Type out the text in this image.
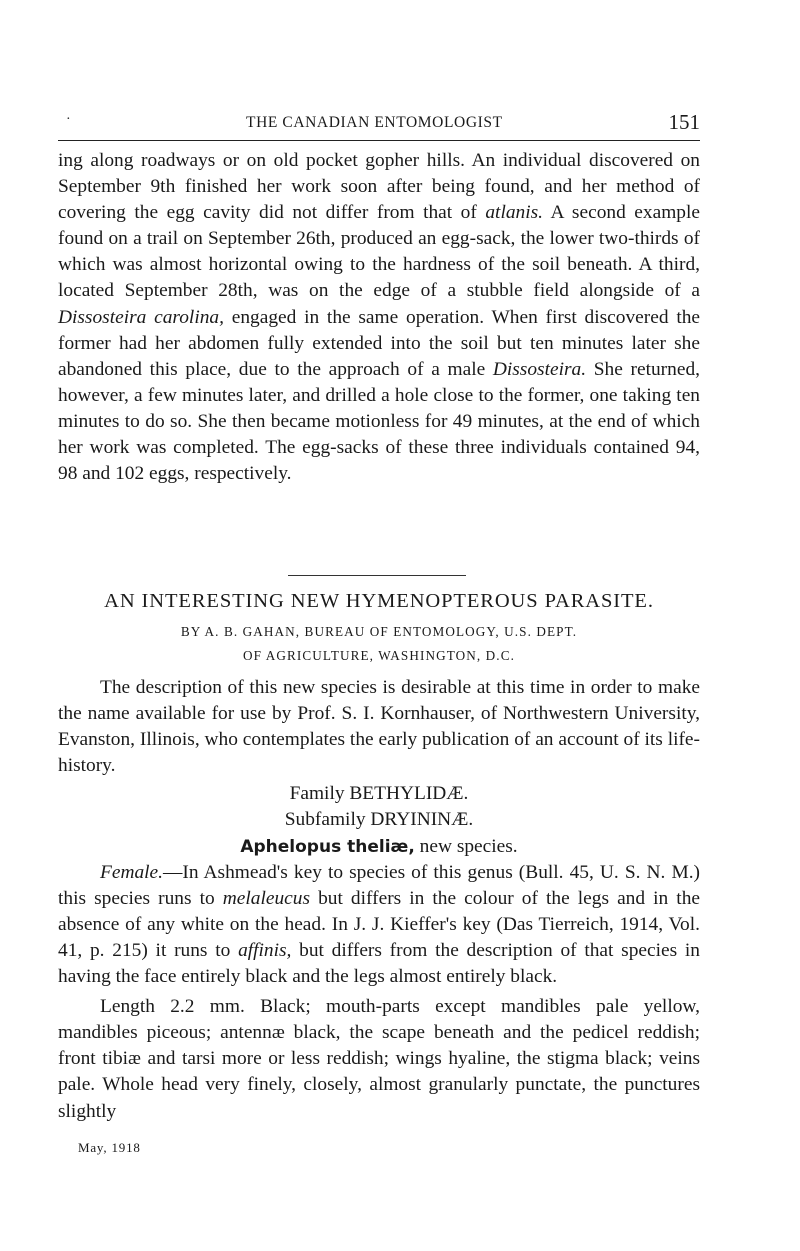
·	THE CANADIAN ENTOMOLOGIST	151

ing along roadways or on old pocket gopher hills. An individual discovered on September 9th finished her work soon after being found, and her method of covering the egg cavity did not differ from that of atlanis. A second example found on a trail on September 26th, produced an egg-sack, the lower two-thirds of which was almost horizontal owing to the hardness of the soil beneath. A third, located September 28th, was on the edge of a stubble field alongside of a Dissosteira carolina, engaged in the same operation. When first discovered the former had her abdomen fully extended into the soil but ten minutes later she abandoned this place, due to the approach of a male Dissosteira. She returned, however, a few minutes later, and drilled a hole close to the former, one taking ten minutes to do so. She then became motionless for 49 minutes, at the end of which her work was completed. The egg-sacks of these three individuals contained 94, 98 and 102 eggs, respectively.

AN INTERESTING NEW HYMENOPTEROUS PARASITE.
BY A. B. GAHAN, BUREAU OF ENTOMOLOGY, U.S. DEPT.
OF AGRICULTURE, WASHINGTON, D.C.

The description of this new species is desirable at this time in order to make the name available for use by Prof. S. I. Kornhauser, of Northwestern University, Evanston, Illinois, who contemplates the early publication of an account of its life-history.

Family BETHYLIDÆ.

Subfamily DRYININÆ.

Aphelopus theliæ, new species.

Female.—In Ashmead's key to species of this genus (Bull. 45, U. S. N. M.) this species runs to melaleucus but differs in the colour of the legs and in the absence of any white on the head. In J. J. Kieffer's key (Das Tierreich, 1914, Vol. 41, p. 215) it runs to affinis, but differs from the description of that species in having the face entirely black and the legs almost entirely black.

Length 2.2 mm. Black; mouth-parts except mandibles pale yellow, mandibles piceous; antennæ black, the scape beneath and the pedicel reddish; front tibiæ and tarsi more or less reddish; wings hyaline, the stigma black; veins pale. Whole head very finely, closely, almost granularly punctate, the punctures slightly

May, 1918
